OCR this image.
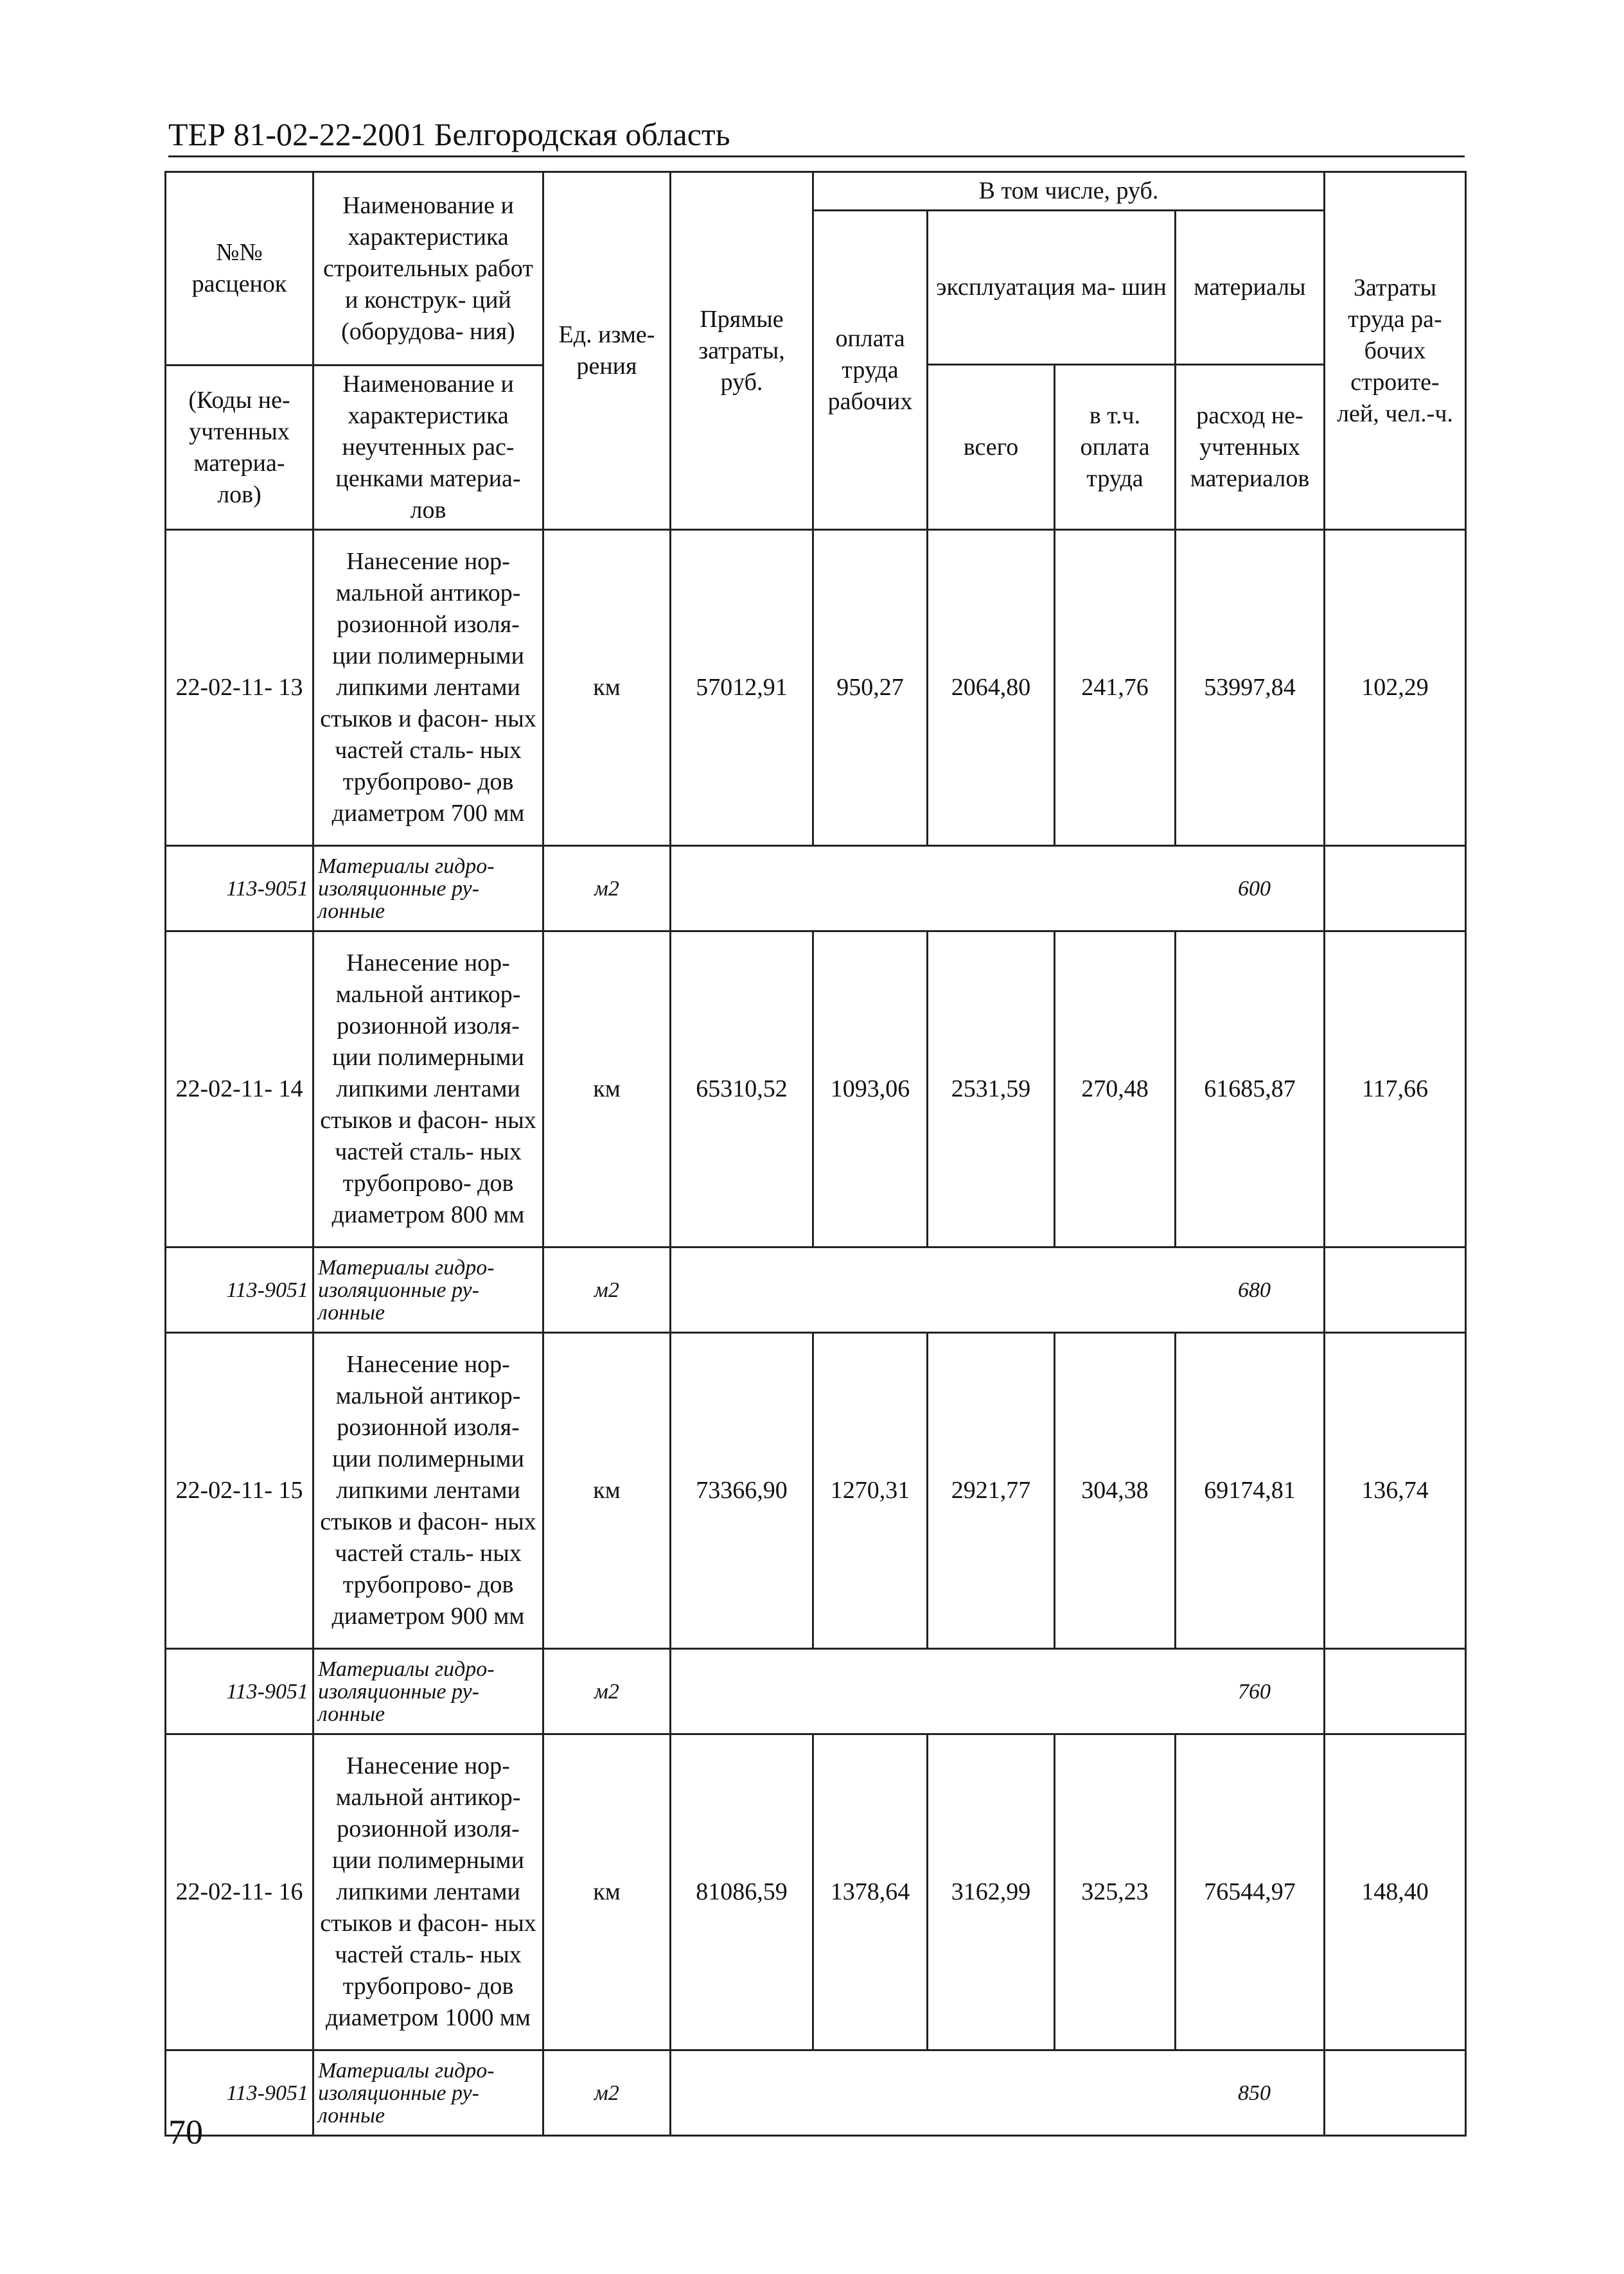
ТЕР 81-02-22-2001 Белгородская область
№№ расценок	Наименование и характеристика строительных работ и конструк- ций (оборудова- ния)	Ед. изме- рения	Прямые затраты, руб.	В том числе, руб.				Затраты труда ра- бочих строите- лей, чел.-ч.
				оплата труда рабочих	эксплуатация ма- шин		материалы	
					всего	в т.ч. оплата труда	расход не- учтенных материалов	
(Коды не- учтенных материа- лов)	Наименование и характеристика неучтенных рас- ценками материа- лов							

22-02-11- 13	Нанесение нор- мальной антикор- розионной изоля- ции полимерными липкими лентами стыков и фасон- ных частей сталь- ных трубопрово- дов диаметром 700 мм	км	57012,91	950,27	2064,80	241,76	53997,84	102,29
113-9051	Материалы гидро- изоляционные ру- лонные	м2	600					
22-02-11- 14	Нанесение нор- мальной антикор- розионной изоля- ции полимерными липкими лентами стыков и фасон- ных частей сталь- ных трубопрово- дов диаметром 800 мм	км	65310,52	1093,06	2531,59	270,48	61685,87	117,66
113-9051	Материалы гидро- изоляционные ру- лонные	м2	680					
22-02-11- 15	Нанесение нор- мальной антикор- розионной изоля- ции полимерными липкими лентами стыков и фасон- ных частей сталь- ных трубопрово- дов диаметром 900 мм	км	73366,90	1270,31	2921,77	304,38	69174,81	136,74
113-9051	Материалы гидро- изоляционные ру- лонные	м2	760					
22-02-11- 16	Нанесение нор- мальной антикор- розионной изоля- ции полимерными липкими лентами стыков и фасон- ных частей сталь- ных трубопрово- дов диаметром 1000 мм	км	81086,59	1378,64	3162,99	325,23	76544,97	148,40
113-9051	Материалы гидро- изоляционные ру- лонные	м2	850					
70
